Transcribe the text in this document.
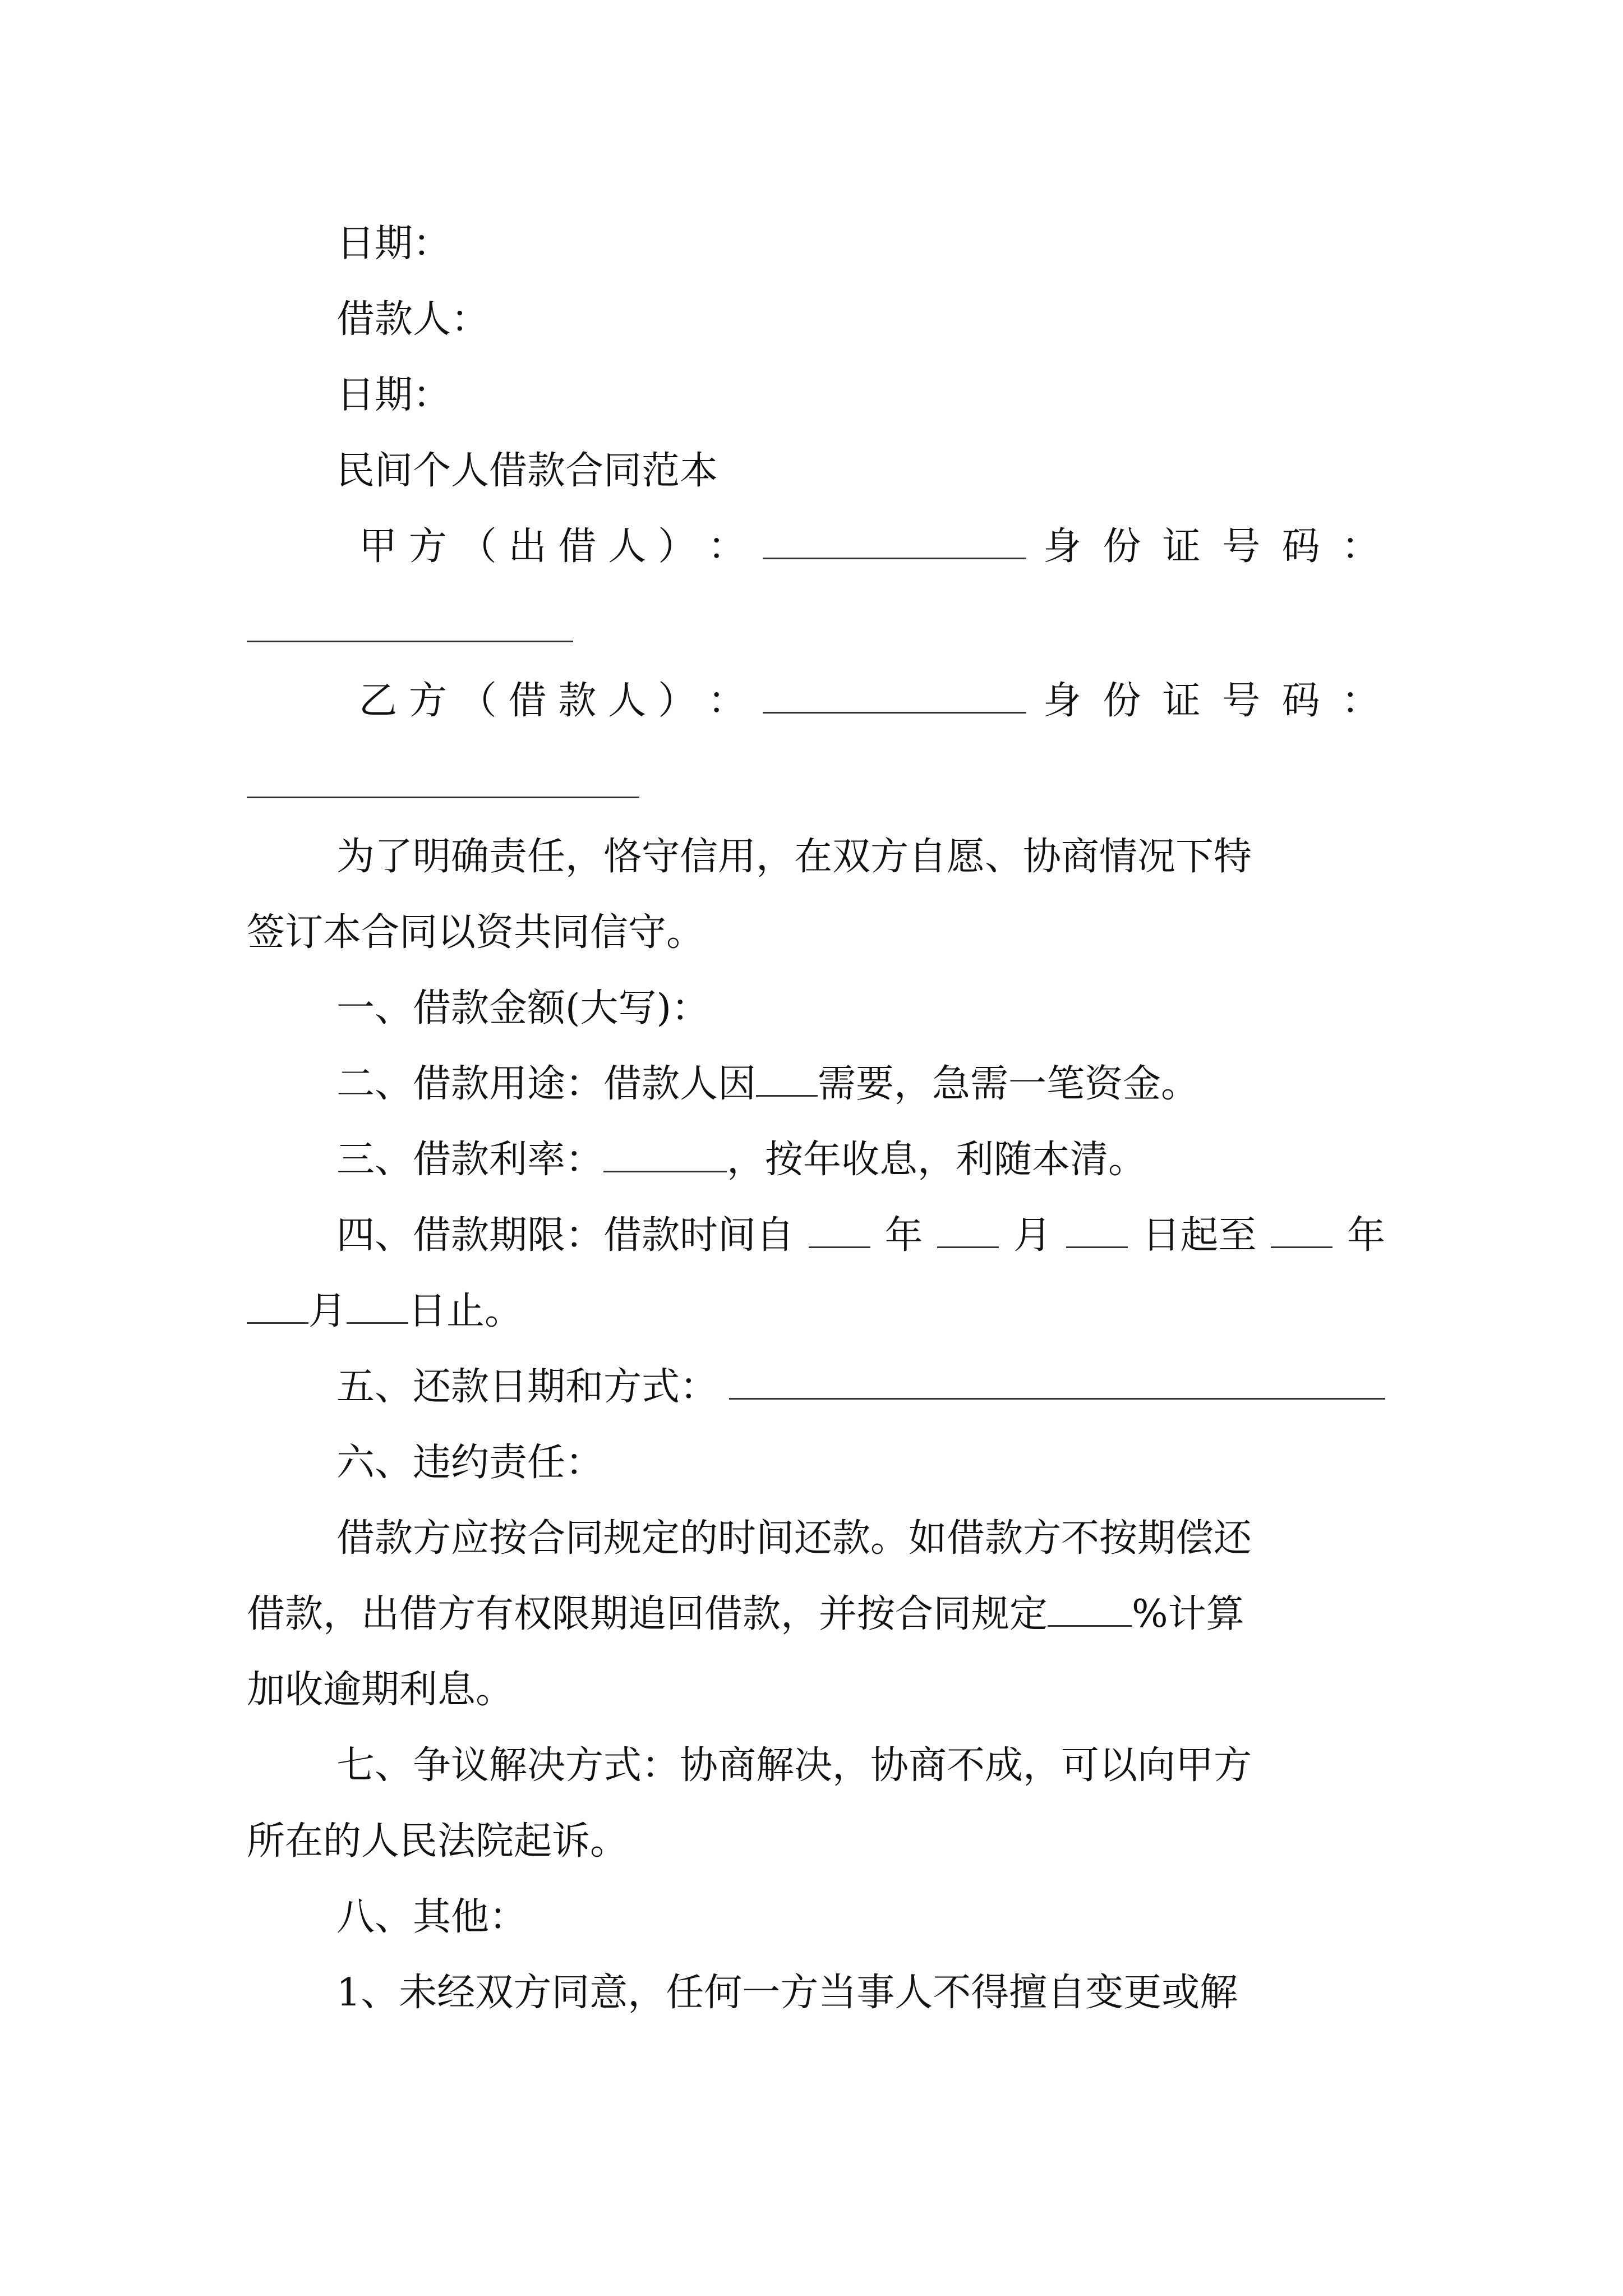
日期：
借款人：
日期：
民间个人借款合同范本
甲 方 （ 出 借 人 ） ：	身 份 证 号 码 ：
乙 方 （ 借 款 人 ） ：	身 份 证 号 码 ：
为了明确责任，恪守信用，在双方自愿、协商情况下特
签订本合同以资共同信守。
一、借款金额(大写)：
二、借款用途：借款人因 需要，急需一笔资金。
三、借款利率：	，按年收息，利随本清。
四、借款期限：借款时间自 年 月 日起至 年
月 日止。
五、还款日期和方式：
六、违约责任：
借款方应按合同规定的时间还款。如借款方不按期偿还
借款，出借方有权限期追回借款，并按合同规定 %计算
加收逾期利息。
七、争议解决方式：协商解决，协商不成，可以向甲方
所在的人民法院起诉。
八、其他：
1、未经双方同意，任何一方当事人不得擅自变更或解
